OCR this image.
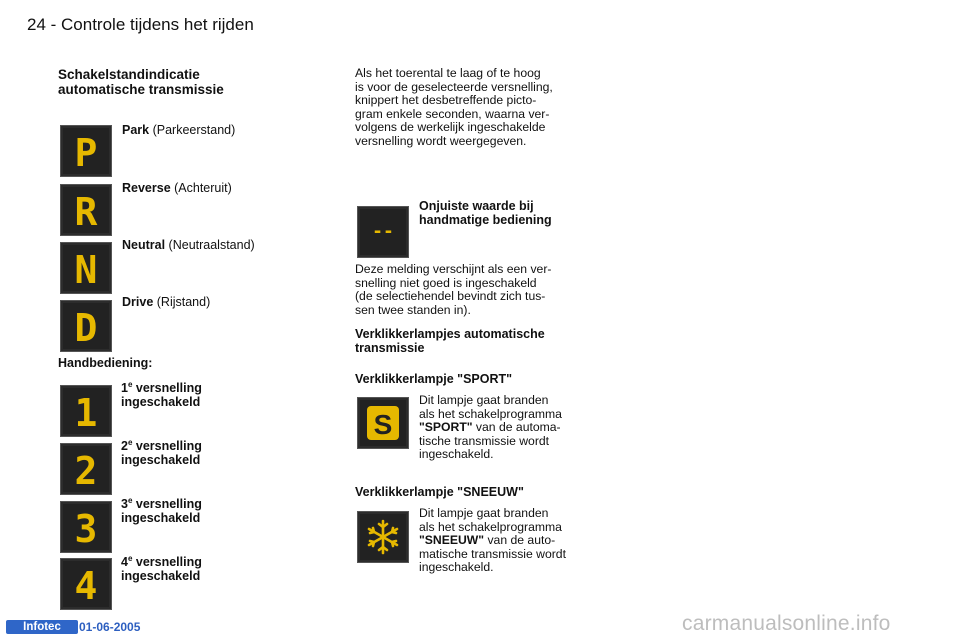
24 - Controle tijdens het rijden
Schakelstandindicatie
automatische transmissie
P
Park (Parkeerstand)
R
Reverse (Achteruit)
N
Neutral (Neutraalstand)
D
Drive (Rijstand)
Handbediening:
1
1e versnelling
ingeschakeld
2
2e versnelling
ingeschakeld
3
3e versnelling
ingeschakeld
4
4e versnelling
ingeschakeld
Als het toerental te laag of te hoog
is voor de geselecteerde versnelling,
knippert het desbetreffende picto-
gram enkele seconden, waarna ver-
volgens de werkelijk ingeschakelde
versnelling wordt weergegeven.
--
Onjuiste waarde bij
handmatige bediening
Deze melding verschijnt als een ver-
snelling niet goed is ingeschakeld
(de selectiehendel bevindt zich tus-
sen twee standen in).
Verklikkerlampjes automatische
transmissie
Verklikkerlampje "SPORT"
S
Dit lampje gaat branden
als het schakelprogramma
"SPORT" van de automa-
tische transmissie wordt
ingeschakeld.
Verklikkerlampje "SNEEUW"
Dit lampje gaat branden
als het schakelprogramma
"SNEEUW" van de auto-
matische transmissie wordt
ingeschakeld.
Infotec	01-06-2005	carmanualsonline.info
